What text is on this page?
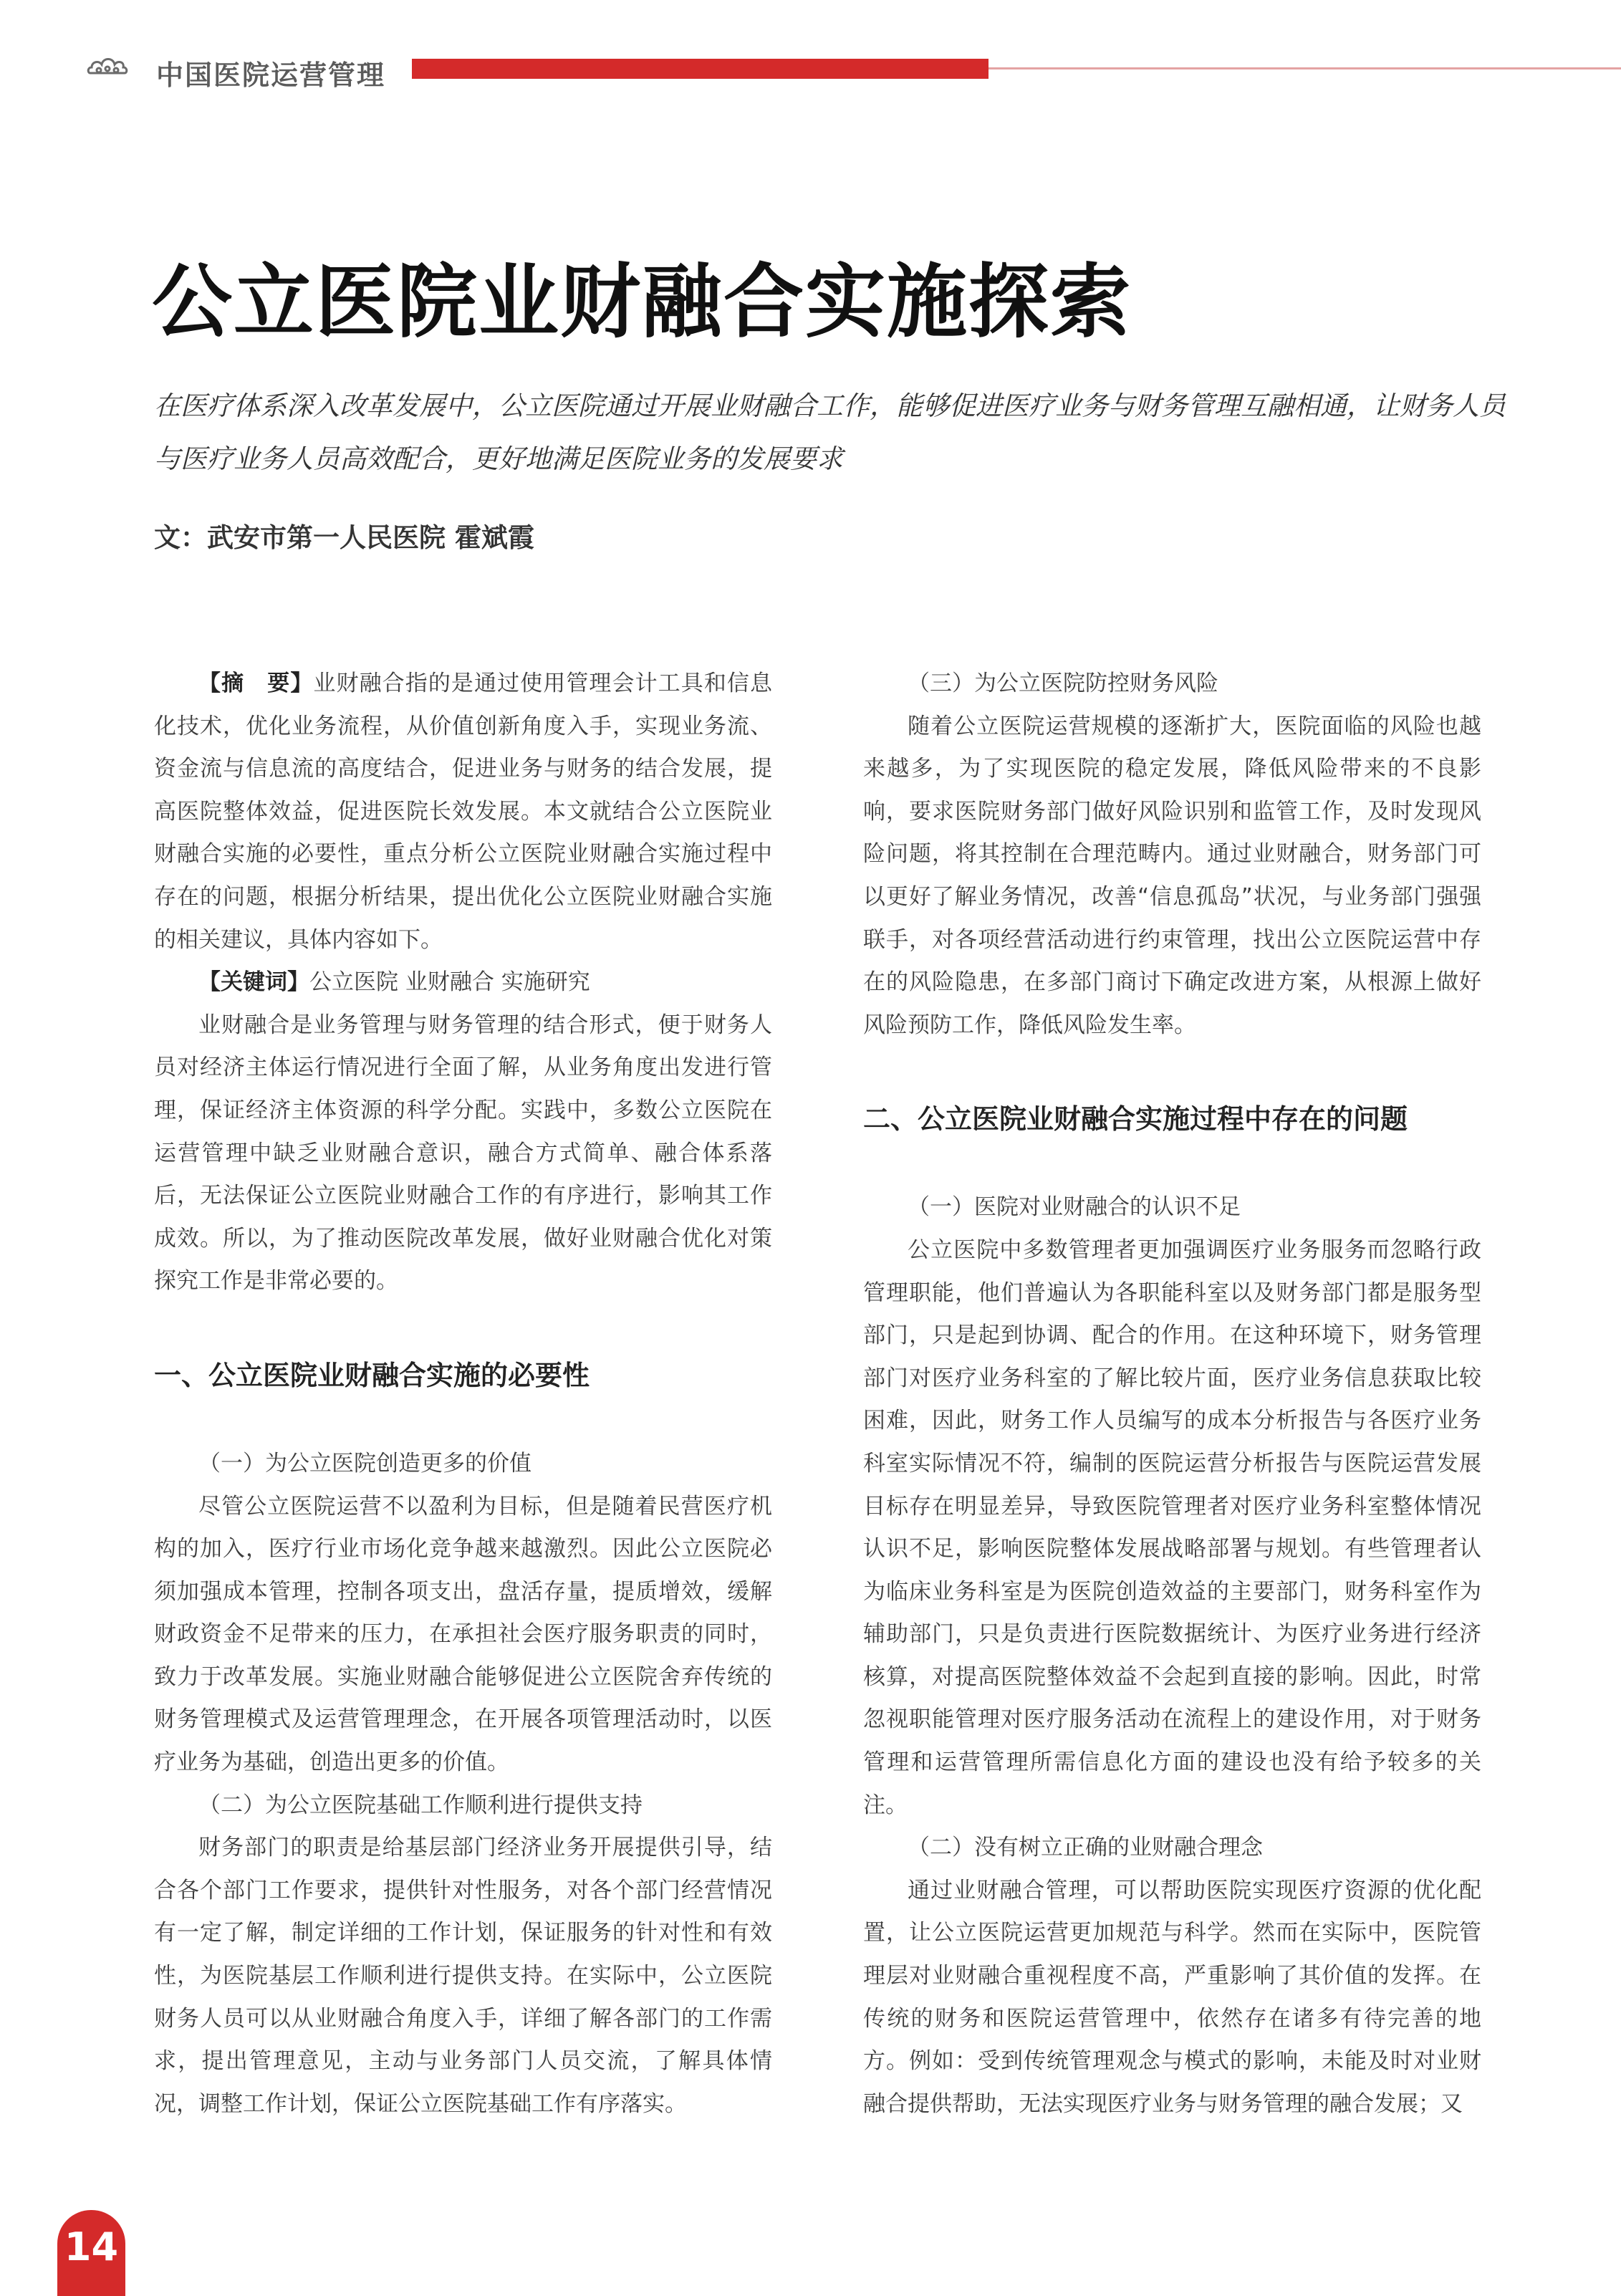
中国医院运营管理
公立医院业财融合实施探索

在医疗体系深入改革发展中，公立医院通过开展业财融合工作，能够促进医疗业务与财务管理互融相通，让财务人员与医疗业务人员高效配合，更好地满足医院业务的发展要求

文：武安市第一人民医院 霍斌霞

【摘　要】业财融合指的是通过使用管理会计工具和信息化技术，优化业务流程，从价值创新角度入手，实现业务流、资金流与信息流的高度结合，促进业务与财务的结合发展，提高医院整体效益，促进医院长效发展。本文就结合公立医院业财融合实施的必要性，重点分析公立医院业财融合实施过程中存在的问题，根据分析结果，提出优化公立医院业财融合实施的相关建议，具体内容如下。

【关键词】公立医院 业财融合 实施研究

业财融合是业务管理与财务管理的结合形式，便于财务人员对经济主体运行情况进行全面了解，从业务角度出发进行管理，保证经济主体资源的科学分配。实践中，多数公立医院在运营管理中缺乏业财融合意识，融合方式简单、融合体系落后，无法保证公立医院业财融合工作的有序进行，影响其工作成效。所以，为了推动医院改革发展，做好业财融合优化对策探究工作是非常必要的。

一、公立医院业财融合实施的必要性

（一）为公立医院创造更多的价值

尽管公立医院运营不以盈利为目标，但是随着民营医疗机构的加入，医疗行业市场化竞争越来越激烈。因此公立医院必须加强成本管理，控制各项支出，盘活存量，提质增效，缓解财政资金不足带来的压力，在承担社会医疗服务职责的同时，致力于改革发展。实施业财融合能够促进公立医院舍弃传统的财务管理模式及运营管理理念，在开展各项管理活动时，以医疗业务为基础，创造出更多的价值。

（二）为公立医院基础工作顺利进行提供支持

财务部门的职责是给基层部门经济业务开展提供引导，结合各个部门工作要求，提供针对性服务，对各个部门经营情况有一定了解，制定详细的工作计划，保证服务的针对性和有效性，为医院基层工作顺利进行提供支持。在实际中，公立医院财务人员可以从业财融合角度入手，详细了解各部门的工作需求，提出管理意见，主动与业务部门人员交流，了解具体情况，调整工作计划，保证公立医院基础工作有序落实。

（三）为公立医院防控财务风险

随着公立医院运营规模的逐渐扩大，医院面临的风险也越来越多，为了实现医院的稳定发展，降低风险带来的不良影响，要求医院财务部门做好风险识别和监管工作，及时发现风险问题，将其控制在合理范畴内。通过业财融合，财务部门可以更好了解业务情况，改善“信息孤岛”状况，与业务部门强强联手，对各项经营活动进行约束管理，找出公立医院运营中存在的风险隐患，在多部门商讨下确定改进方案，从根源上做好风险预防工作，降低风险发生率。

二、公立医院业财融合实施过程中存在的问题

（一）医院对业财融合的认识不足

公立医院中多数管理者更加强调医疗业务服务而忽略行政管理职能，他们普遍认为各职能科室以及财务部门都是服务型部门，只是起到协调、配合的作用。在这种环境下，财务管理部门对医疗业务科室的了解比较片面，医疗业务信息获取比较困难，因此，财务工作人员编写的成本分析报告与各医疗业务科室实际情况不符，编制的医院运营分析报告与医院运营发展目标存在明显差异，导致医院管理者对医疗业务科室整体情况认识不足，影响医院整体发展战略部署与规划。有些管理者认为临床业务科室是为医院创造效益的主要部门，财务科室作为辅助部门，只是负责进行医院数据统计、为医疗业务进行经济核算，对提高医院整体效益不会起到直接的影响。因此，时常忽视职能管理对医疗服务活动在流程上的建设作用，对于财务管理和运营管理所需信息化方面的建设也没有给予较多的关注。

（二）没有树立正确的业财融合理念

通过业财融合管理，可以帮助医院实现医疗资源的优化配置，让公立医院运营更加规范与科学。然而在实际中，医院管理层对业财融合重视程度不高，严重影响了其价值的发挥。在传统的财务和医院运营管理中，依然存在诸多有待完善的地方。例如：受到传统管理观念与模式的影响，未能及时对业财融合提供帮助，无法实现医疗业务与财务管理的融合发展；又

14
